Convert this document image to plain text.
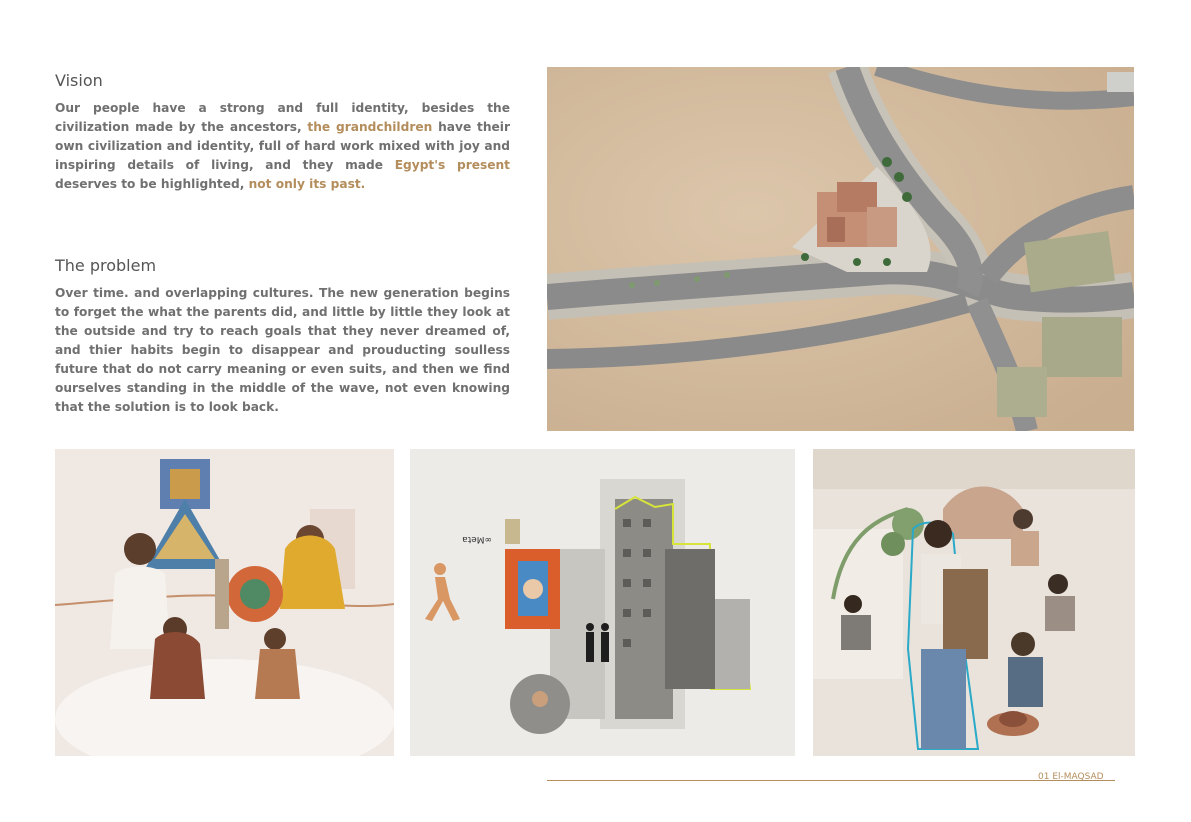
Vision

Our people have a strong and full identity, besides the civilization made by the ancestors, the grandchildren have their own civilization and identity, full of hard work mixed with joy and inspiring details of living, and they made Egypt's present deserves to be highlighted, not only its past.

The problem

Over time. and overlapping cultures. The new generation begins to forget the what the parents did, and little by little they look at the outside and try to reach goals that they never dreamed of, and thier habits begin to disappear and prouducting soulless future that do not carry meaning or even suits, and then we find ourselves standing in the middle of the wave, not even knowing that the solution is to look back.

∞Meta

01 El-MAQSAD
